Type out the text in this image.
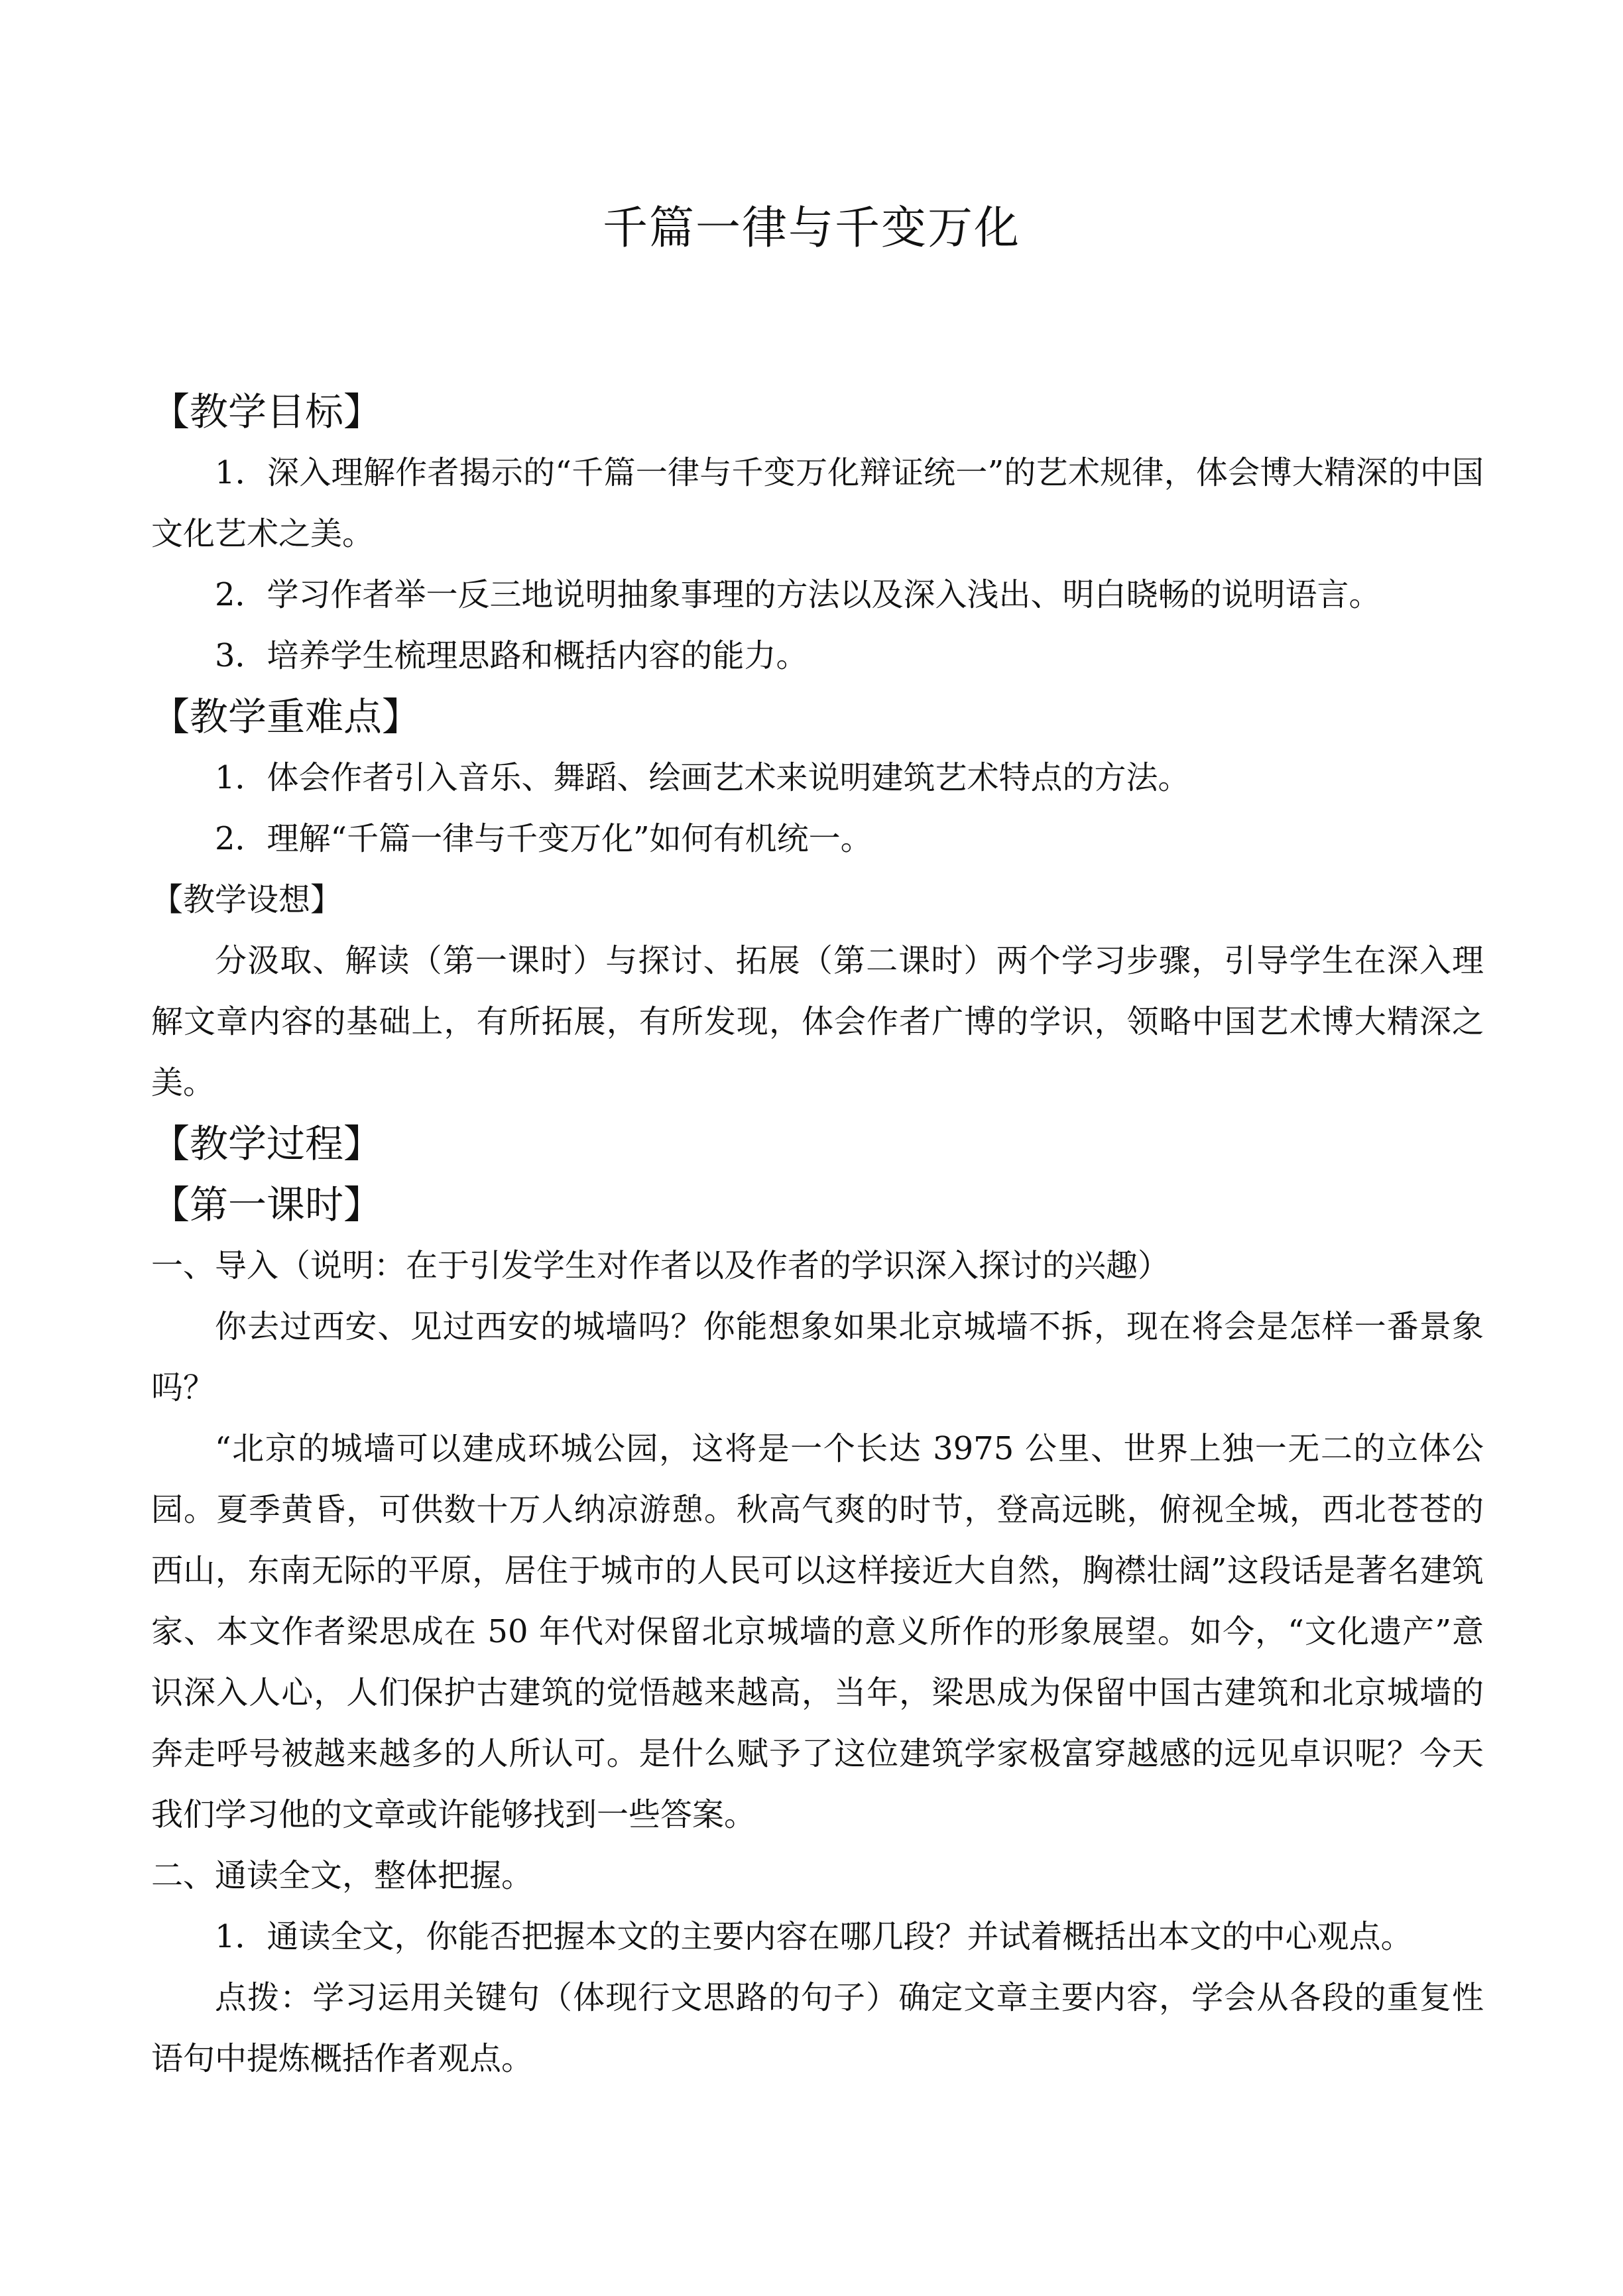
千篇一律与千变万化
【教学目标】
1．深入理解作者揭示的“千篇一律与千变万化辩证统一”的艺术规律，体会博大精深的中国文化艺术之美。
2．学习作者举一反三地说明抽象事理的方法以及深入浅出、明白晓畅的说明语言。
3．培养学生梳理思路和概括内容的能力。
【教学重难点】
1．体会作者引入音乐、舞蹈、绘画艺术来说明建筑艺术特点的方法。
2．理解“千篇一律与千变万化”如何有机统一。
【教学设想】
分汲取、解读（第一课时）与探讨、拓展（第二课时）两个学习步骤，引导学生在深入理解文章内容的基础上，有所拓展，有所发现，体会作者广博的学识，领略中国艺术博大精深之美。
【教学过程】
【第一课时】
一、导入（说明：在于引发学生对作者以及作者的学识深入探讨的兴趣）
你去过西安、见过西安的城墙吗？你能想象如果北京城墙不拆，现在将会是怎样一番景象吗？
“北京的城墙可以建成环城公园，这将是一个长达 3975 公里、世界上独一无二的立体公园。夏季黄昏，可供数十万人纳凉游憩。秋高气爽的时节，登高远眺，俯视全城，西北苍苍的西山，东南无际的平原，居住于城市的人民可以这样接近大自然，胸襟壮阔”这段话是著名建筑家、本文作者梁思成在 50 年代对保留北京城墙的意义所作的形象展望。如今，“文化遗产”意识深入人心，人们保护古建筑的觉悟越来越高，当年，梁思成为保留中国古建筑和北京城墙的奔走呼号被越来越多的人所认可。是什么赋予了这位建筑学家极富穿越感的远见卓识呢？今天我们学习他的文章或许能够找到一些答案。
二、通读全文，整体把握。
1．通读全文，你能否把握本文的主要内容在哪几段？并试着概括出本文的中心观点。
点拨：学习运用关键句（体现行文思路的句子）确定文章主要内容，学会从各段的重复性语句中提炼概括作者观点。
